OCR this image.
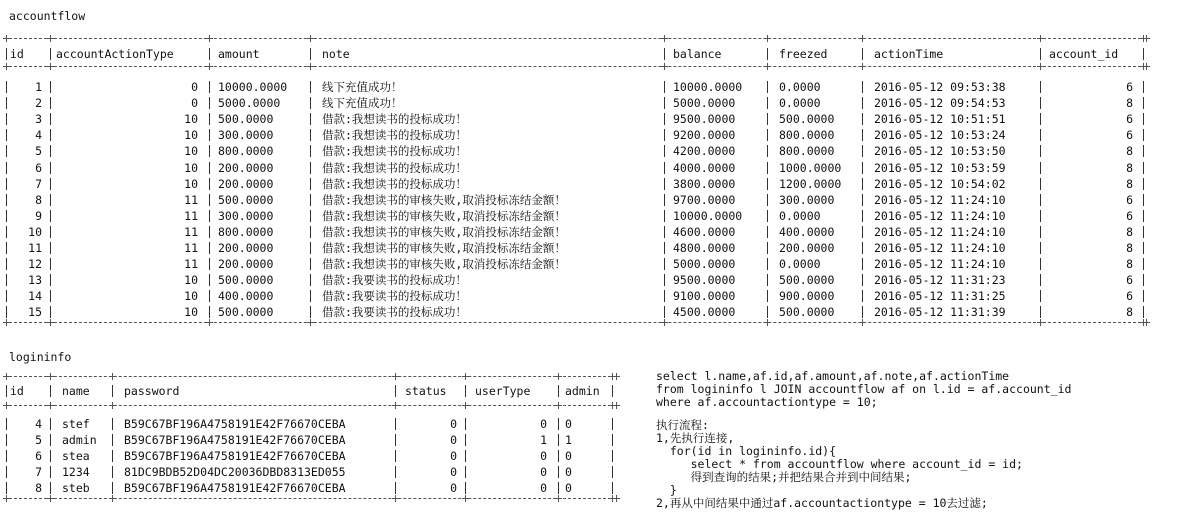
accountflow
id	accountActionType	amount	note	balance	freezed	actionTime	account_id
1	0 10000.0000	线下充值成功！	10000.0000	0.0000	2016-05-12 09:53:38	6
2	0 5000.0000	线下充值成功！	5000.0000	0.0000	2016-05-12 09:54:53	8
3	10 500.0000	借款:我想读书的投标成功！	9500.0000	500.0000	2016-05-12 10:51:51	6
4	10 300.0000	借款:我想读书的投标成功！	9200.0000	800.0000	2016-05-12 10:53:24	6
5	10 800.0000	借款:我想读书的投标成功！	4200.0000	800.0000	2016-05-12 10:53:50	8
6	10 200.0000	借款:我想读书的投标成功！	4000.0000	1000.0000	2016-05-12 10:53:59	8
7	10 200.0000	借款:我想读书的投标成功！	3800.0000	1200.0000	2016-05-12 10:54:02	8
8	11 500.0000	借款:我想读书的审核失败,取消投标冻结金额！	9700.0000	300.0000	2016-05-12 11:24:10	6
9	11 300.0000	借款:我想读书的审核失败,取消投标冻结金额！	10000.0000	0.0000	2016-05-12 11:24:10	6
10	11 800.0000	借款:我想读书的审核失败,取消投标冻结金额！	4600.0000	400.0000	2016-05-12 11:24:10	8
11	11 200.0000	借款:我想读书的审核失败,取消投标冻结金额！	4800.0000	200.0000	2016-05-12 11:24:10	8
12	11 200.0000	借款:我想读书的审核失败,取消投标冻结金额！	5000.0000	0.0000	2016-05-12 11:24:10	8
13	10 500.0000	借款:我要读书的投标成功！	9500.0000	500.0000	2016-05-12 11:31:23	6
14	10 400.0000	借款:我要读书的投标成功！	9100.0000	900.0000	2016-05-12 11:31:25	6
15	10 500.0000	借款:我要读书的投标成功！	4500.0000	500.0000	2016-05-12 11:31:39	8
logininfo
id	name	password	status userType	admin
4 stef	B59C67BF196A4758191E42F76670CEBA	0	0 0
5 admin B59C67BF196A4758191E42F76670CEBA	0	1 1
6 stea	B59C67BF196A4758191E42F76670CEBA	0	0 0
7 1234	81DC9BDB52D04DC20036DBD8313ED055	0	0 0
8 steb	B59C67BF196A4758191E42F76670CEBA	0	0 0
select l.name,af.id,af.amount,af.note,af.actionTime
from logininfo l JOIN accountflow af on l.id = af.account_id
where af.accountactiontype = 10;
执行流程:
1,先执行连接,
for(id in logininfo.id){
select * from accountflow where account_id = id;
得到查询的结果;并把结果合并到中间结果;
}
2,再从中间结果中通过af.accountactiontype = 10去过滤;
